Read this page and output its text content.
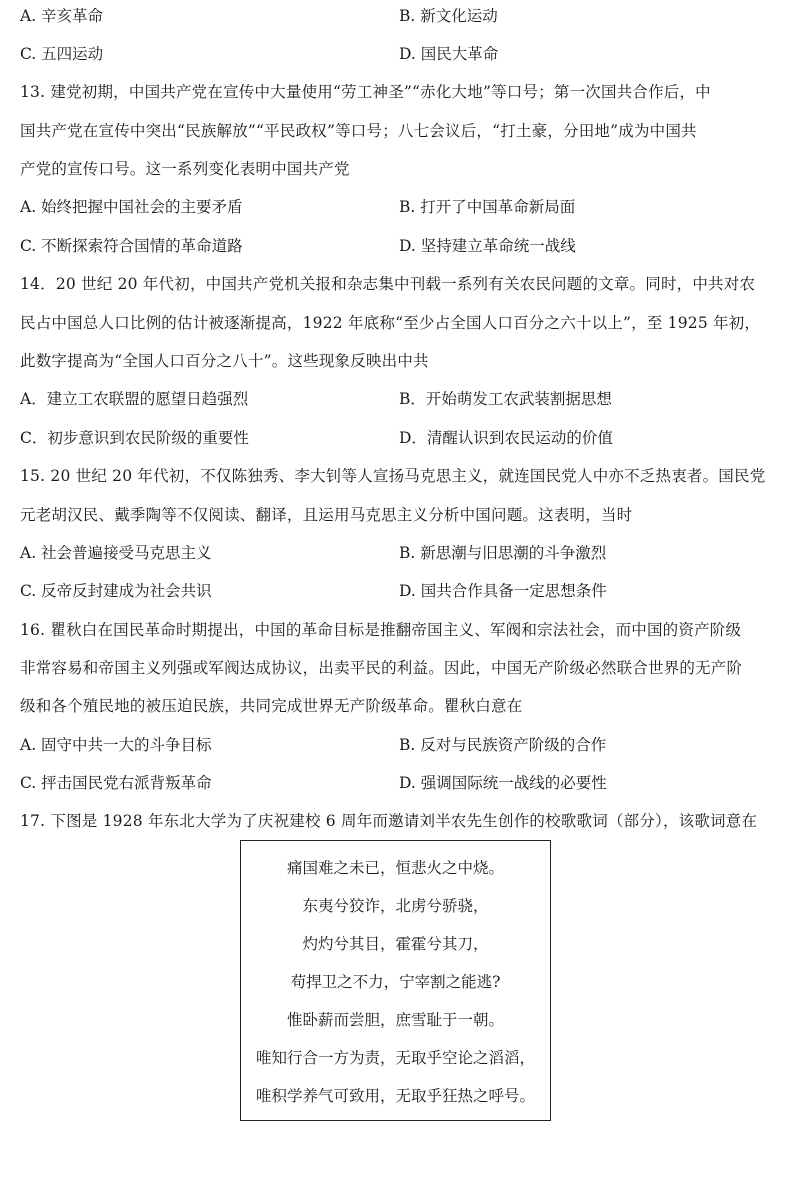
A. 辛亥革命	B. 新文化运动
C. 五四运动	D. 国民大革命
13. 建党初期，中国共产党在宣传中大量使用“劳工神圣”“赤化大地”等口号；第一次国共合作后，中
国共产党在宣传中突出“民族解放”“平民政权”等口号；八七会议后，“打土豪，分田地”成为中国共
产党的宣传口号。这一系列变化表明中国共产党
A. 始终把握中国社会的主要矛盾	B. 打开了中国革命新局面
C. 不断探索符合国情的革命道路	D. 坚持建立革命统一战线
14．20 世纪 20 年代初，中国共产党机关报和杂志集中刊载一系列有关农民问题的文章。同时，中共对农
民占中国总人口比例的估计被逐渐提高，1922 年底称“至少占全国人口百分之六十以上”，至 1925 年初，
此数字提高为“全国人口百分之八十”。这些现象反映出中共
A．建立工农联盟的愿望日趋强烈	B．开始萌发工农武装割据思想
C．初步意识到农民阶级的重要性	D．清醒认识到农民运动的价值
15. 20 世纪 20 年代初，不仅陈独秀、李大钊等人宣扬马克思主义，就连国民党人中亦不乏热衷者。国民党
元老胡汉民、戴季陶等不仅阅读、翻译，且运用马克思主义分析中国问题。这表明，当时
A. 社会普遍接受马克思主义	B. 新思潮与旧思潮的斗争激烈
C. 反帝反封建成为社会共识	D. 国共合作具备一定思想条件
16. 瞿秋白在国民革命时期提出，中国的革命目标是推翻帝国主义、军阀和宗法社会，而中国的资产阶级
非常容易和帝国主义列强或军阀达成协议，出卖平民的利益。因此，中国无产阶级必然联合世界的无产阶
级和各个殖民地的被压迫民族，共同完成世界无产阶级革命。瞿秋白意在
A. 固守中共一大的斗争目标	B. 反对与民族资产阶级的合作
C. 抨击国民党右派背叛革命	D. 强调国际统一战线的必要性
17. 下图是 1928 年东北大学为了庆祝建校 6 周年而邀请刘半农先生创作的校歌歌词（部分），该歌词意在
痛国难之未已，恒悲火之中烧。
东夷兮狡诈，北虏兮骄骁，
灼灼兮其目，霍霍兮其刀，
苟捍卫之不力，宁宰割之能逃?
惟卧薪而尝胆，庶雪耻于一朝。
唯知行合一方为责，无取乎空论之滔滔，
唯积学养气可致用，无取乎狂热之呼号。
